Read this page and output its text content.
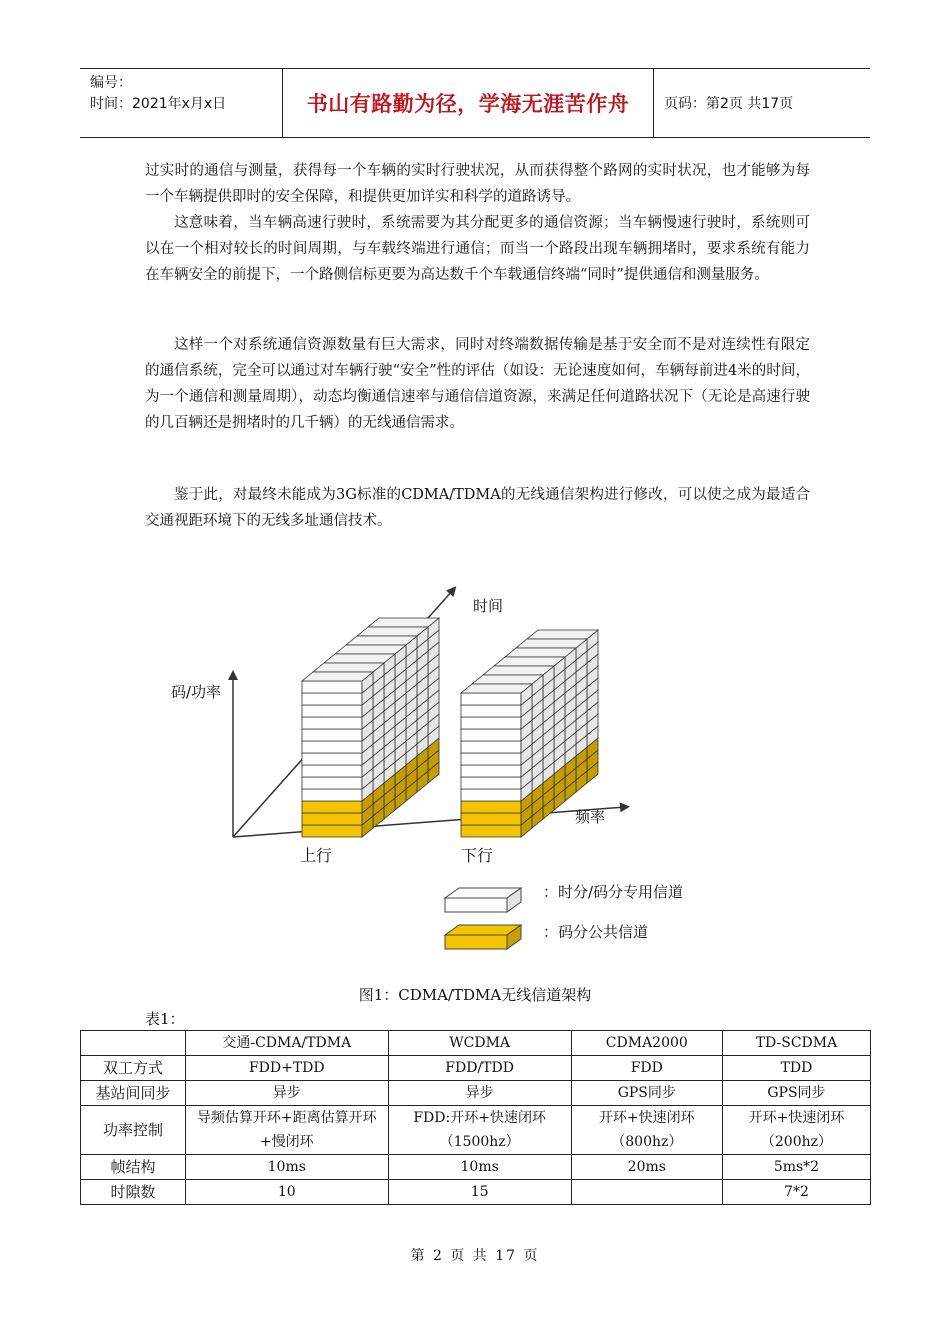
编号：
时间：2021年x月x日	书山有路勤为径，学海无涯苦作舟	页码：第2页 共17页

过实时的通信与测量，获得每一个车辆的实时行驶状况，从而获得整个路网的实时状况，也才能够为每一个车辆提供即时的安全保障，和提供更加详实和科学的道路诱导。

这意味着，当车辆高速行驶时，系统需要为其分配更多的通信资源；当车辆慢速行驶时，系统则可以在一个相对较长的时间周期，与车载终端进行通信；而当一个路段出现车辆拥堵时，要求系统有能力在车辆安全的前提下，一个路侧信标更要为高达数千个车载通信终端“同时”提供通信和测量服务。

这样一个对系统通信资源数量有巨大需求，同时对终端数据传输是基于安全而不是对连续性有限定的通信系统，完全可以通过对车辆行驶“安全”性的评估（如设：无论速度如何，车辆每前进4米的时间，为一个通信和测量周期），动态均衡通信速率与通信信道资源，来满足任何道路状况下（无论是高速行驶的几百辆还是拥堵时的几千辆）的无线通信需求。

鉴于此，对最终未能成为3G标准的CDMA/TDMA的无线通信架构进行修改，可以使之成为最适合交通视距环境下的无线多址通信技术。

时间
码/功率
频率
上行	下行
：时分/码分专用信道
：码分公共信道
图1：CDMA/TDMA无线信道架构
表1：
	交通-CDMA/TDMA	WCDMA	CDMA2000	TD-SCDMA
双工方式	FDD+TDD	FDD/TDD	FDD	TDD
基站间同步	异步	异步	GPS同步	GPS同步
功率控制	导频估算开环+距离估算开环+慢闭环	FDD:开环+快速闭环（1500hz）	开环+快速闭环（800hz）	开环+快速闭环（200hz）
帧结构	10ms	10ms	20ms	5ms*2
时隙数	10	15		7*2
第 2 页 共 17 页
